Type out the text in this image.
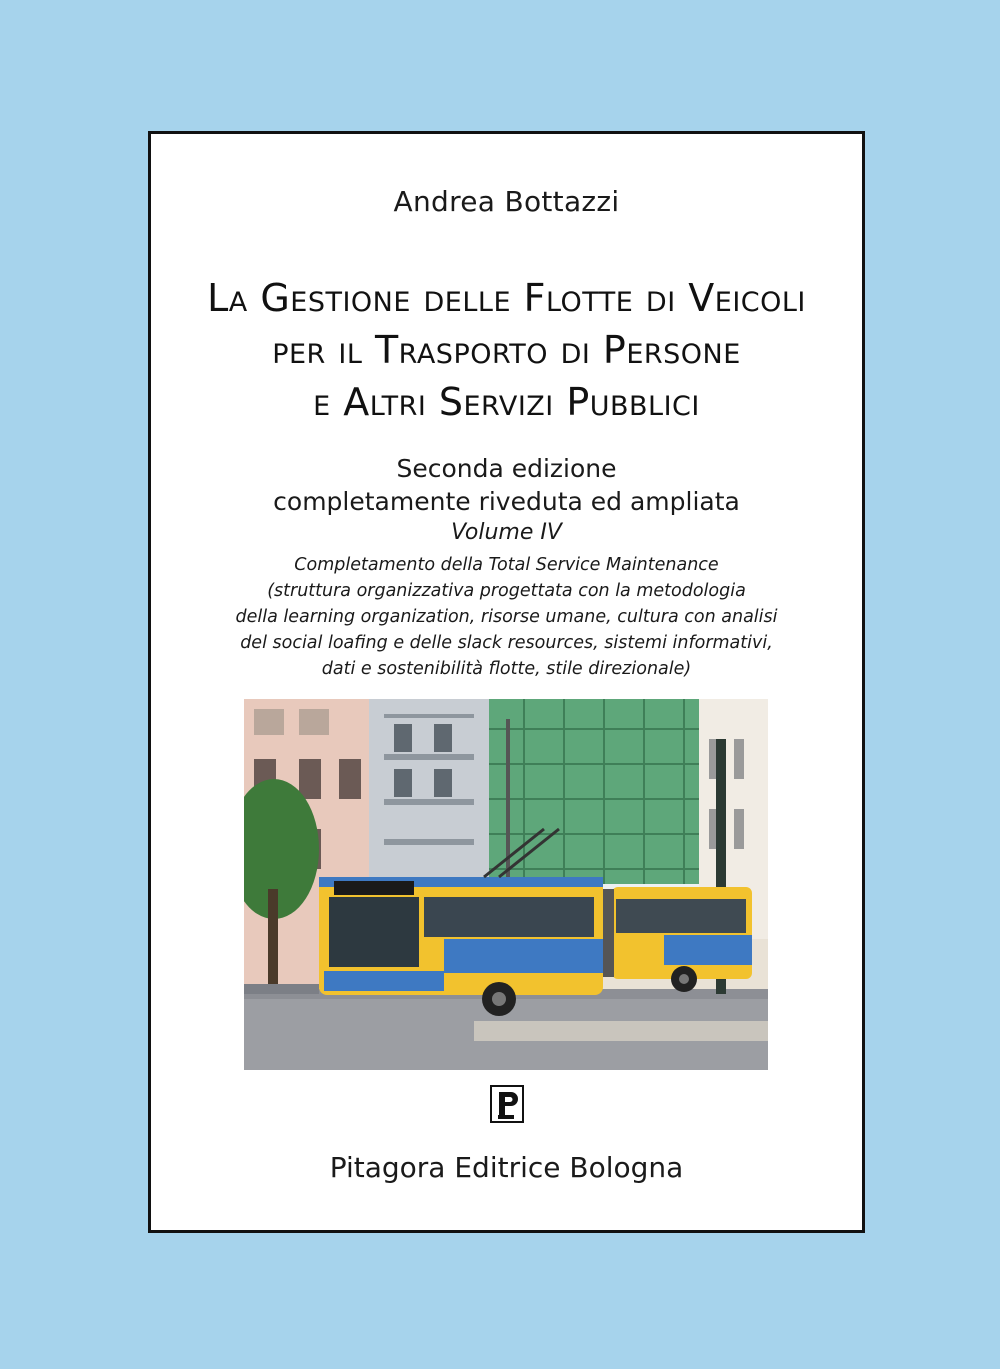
Andrea Bottazzi
La Gestione delle Flotte di Veicoli
per il Trasporto di Persone
e Altri Servizi Pubblici
Seconda edizione
completamente riveduta ed ampliata
Volume IV
Completamento della Total Service Maintenance
(struttura organizzativa progettata con la metodologia
della learning organization, risorse umane, cultura con analisi
del social loafing e delle slack resources, sistemi informativi,
dati e sostenibilità flotte, stile direzionale)
Pitagora Editrice Bologna
